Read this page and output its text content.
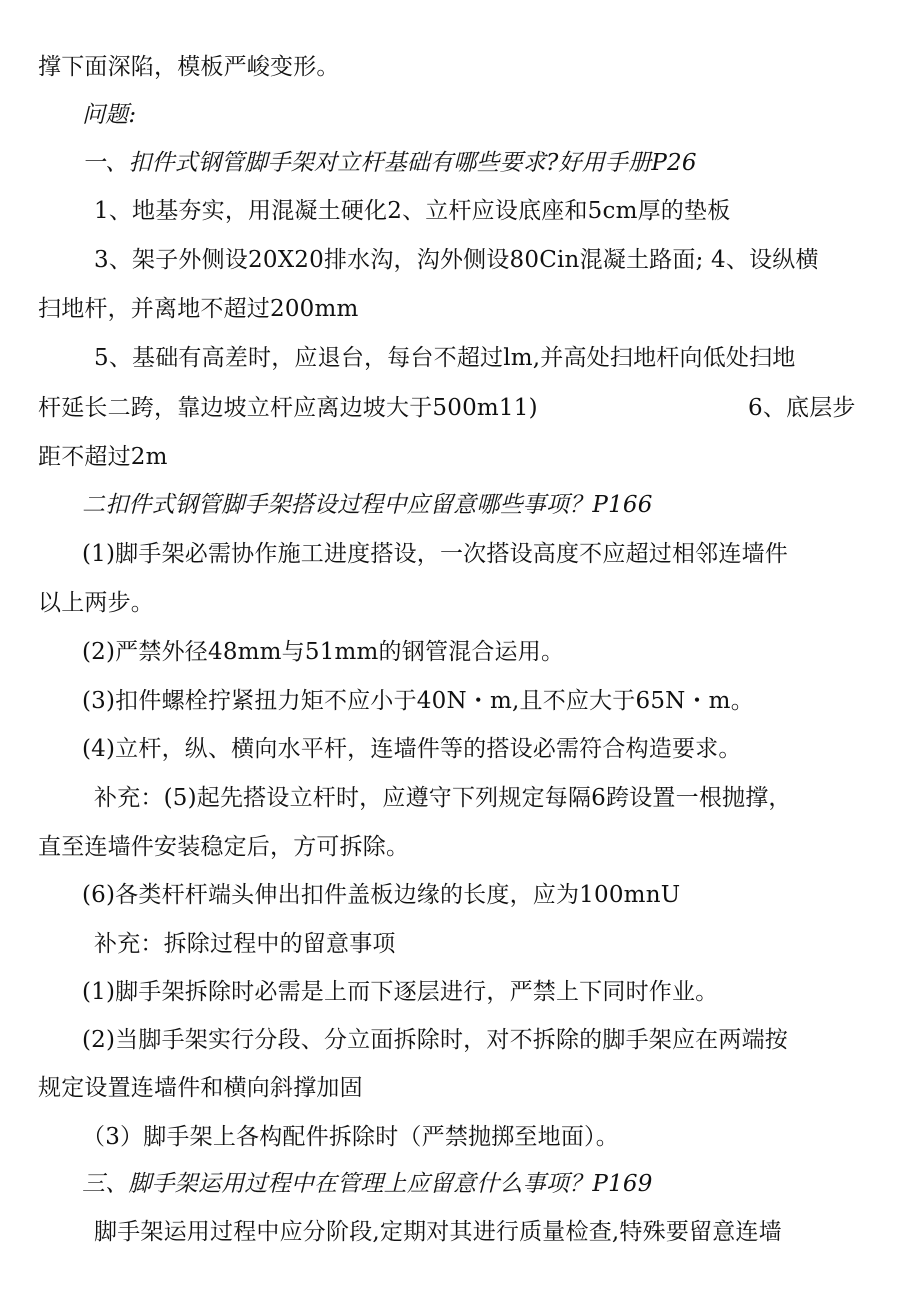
撑下面深陷，模板严峻变形。
问题:
一、扣件式钢管脚手架对立杆基础有哪些要求?好用手册P26
1、地基夯实，用混凝土硬化2、立杆应设底座和5cm厚的垫板
3、架子外侧设20X20排水沟，沟外侧设80Cin混凝土路面; 4、设纵横
扫地杆，并离地不超过200mm
5、基础有高差时，应退台，每台不超过lm,并高处扫地杆向低处扫地
杆延长二跨，靠边坡立杆应离边坡大于500m11)	6、底层步
距不超过2m
二扣件式钢管脚手架搭设过程中应留意哪些事项？P166
(1)脚手架必需协作施工进度搭设，一次搭设高度不应超过相邻连墙件
以上两步。
(2)严禁外径48mm与51mm的钢管混合运用。
(3)扣件螺栓拧紧扭力矩不应小于40N・m,且不应大于65N・m。
(4)立杆，纵、横向水平杆，连墙件等的搭设必需符合构造要求。
补充：(5)起先搭设立杆时，应遵守下列规定每隔6跨设置一根抛撑，
直至连墙件安装稳定后，方可拆除。
(6)各类杆杆端头伸出扣件盖板边缘的长度，应为100mnU
补充：拆除过程中的留意事项
(1)脚手架拆除时必需是上而下逐层进行，严禁上下同时作业。
(2)当脚手架实行分段、分立面拆除时，对不拆除的脚手架应在两端按
规定设置连墙件和横向斜撑加固
（3）脚手架上各构配件拆除时（严禁抛掷至地面）。
三、脚手架运用过程中在管理上应留意什么事项？P169
脚手架运用过程中应分阶段,定期对其进行质量检查,特殊要留意连墙
